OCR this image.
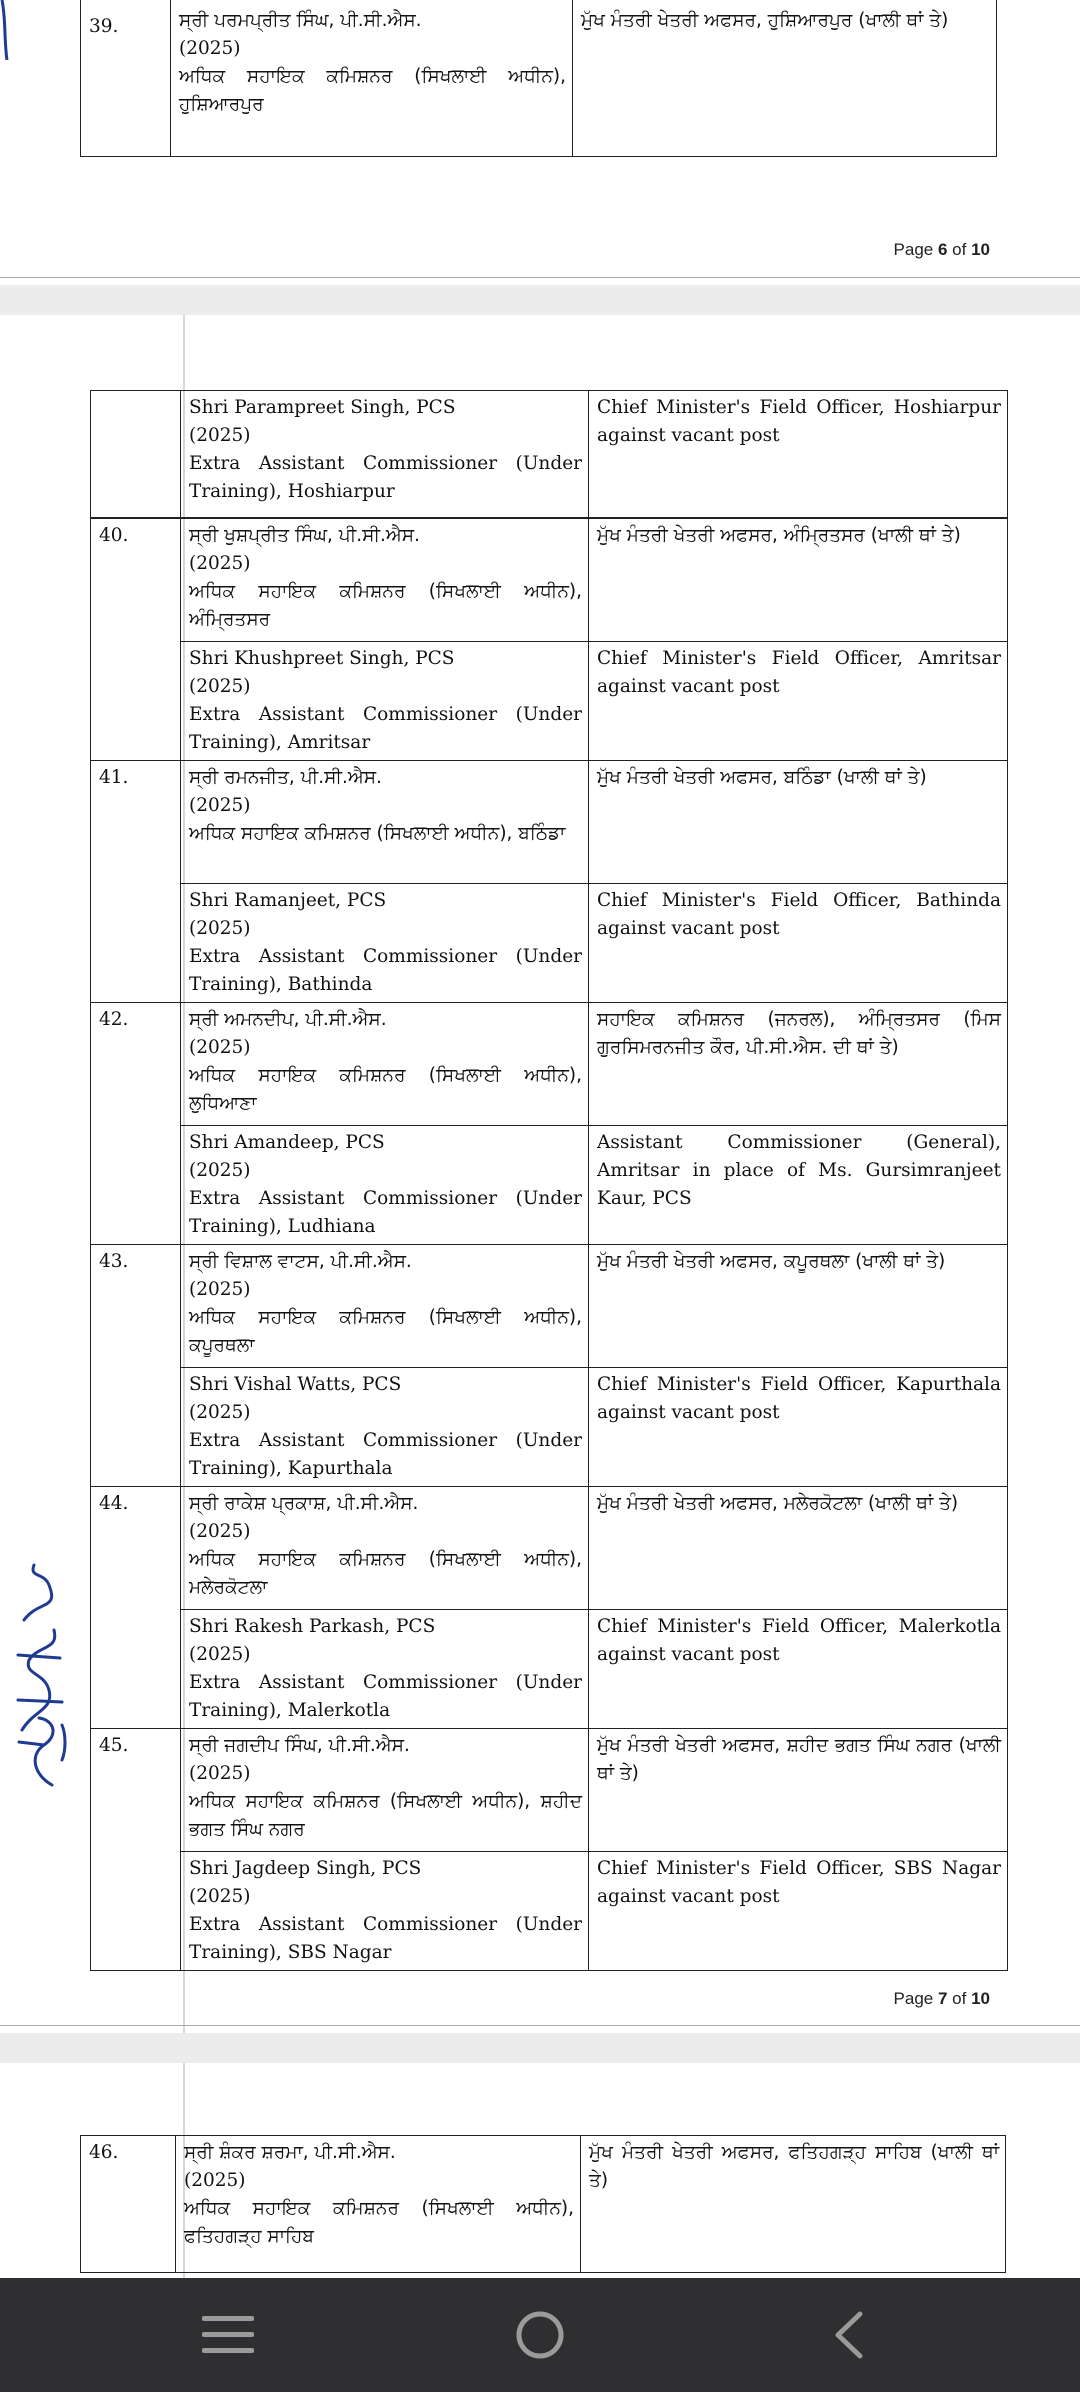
39.	ਸ੍ਰੀ ਪਰਮਪ੍ਰੀਤ ਸਿੰਘ, ਪੀ.ਸੀ.ਐਸ.
(2025)
ਅਧਿਕ ਸਹਾਇਕ ਕਮਿਸ਼ਨਰ (ਸਿਖਲਾਈ ਅਧੀਨ), ਹੁਸ਼ਿਆਰਪੁਰ
	ਮੁੱਖ ਮੰਤਰੀ ਖੇਤਰੀ ਅਫਸਰ, ਹੁਸ਼ਿਆਰਪੁਰ (ਖਾਲੀ ਥਾਂ ਤੇ)
Page 6 of 10

Shri Parampreet Singh, PCS
(2025)
Extra Assistant Commissioner (Under Training), Hoshiarpur
	Chief Minister's Field Officer, Hoshiarpur against vacant post
40.	ਸ੍ਰੀ ਖੁਸ਼ਪ੍ਰੀਤ ਸਿੰਘ, ਪੀ.ਸੀ.ਐਸ.
(2025)
ਅਧਿਕ ਸਹਾਇਕ ਕਮਿਸ਼ਨਰ (ਸਿਖਲਾਈ ਅਧੀਨ), ਅੰਮ੍ਰਿਤਸਰ	ਮੁੱਖ ਮੰਤਰੀ ਖੇਤਰੀ ਅਫਸਰ, ਅੰਮ੍ਰਿਤਸਰ (ਖਾਲੀ ਥਾਂ ਤੇ)

	Shri Khushpreet Singh, PCS
(2025)
Extra Assistant Commissioner (Under Training), Amritsar	Chief Minister's Field Officer, Amritsar against vacant post
41.	ਸ੍ਰੀ ਰਮਨਜੀਤ, ਪੀ.ਸੀ.ਐਸ.
(2025)
ਅਧਿਕ ਸਹਾਇਕ ਕਮਿਸ਼ਨਰ (ਸਿਖਲਾਈ ਅਧੀਨ), ਬਠਿੰਡਾ	ਮੁੱਖ ਮੰਤਰੀ ਖੇਤਰੀ ਅਫਸਰ, ਬਠਿੰਡਾ (ਖਾਲੀ ਥਾਂ ਤੇ)

	Shri Ramanjeet, PCS
(2025)
Extra Assistant Commissioner (Under Training), Bathinda	Chief Minister's Field Officer, Bathinda against vacant post
42.	ਸ੍ਰੀ ਅਮਨਦੀਪ, ਪੀ.ਸੀ.ਐਸ.
(2025)
ਅਧਿਕ ਸਹਾਇਕ ਕਮਿਸ਼ਨਰ (ਸਿਖਲਾਈ ਅਧੀਨ), ਲੁਧਿਆਣਾ	ਸਹਾਇਕ ਕਮਿਸ਼ਨਰ (ਜਨਰਲ), ਅੰਮ੍ਰਿਤਸਰ (ਮਿਸ ਗੁਰਸਿਮਰਨਜੀਤ ਕੌਰ, ਪੀ.ਸੀ.ਐਸ. ਦੀ ਥਾਂ ਤੇ)

	Shri Amandeep, PCS
(2025)
Extra Assistant Commissioner (Under Training), Ludhiana	Assistant Commissioner (General), Amritsar in place of Ms. Gursimranjeet Kaur, PCS
43.	ਸ੍ਰੀ ਵਿਸ਼ਾਲ ਵਾਟਸ, ਪੀ.ਸੀ.ਐਸ.
(2025)
ਅਧਿਕ ਸਹਾਇਕ ਕਮਿਸ਼ਨਰ (ਸਿਖਲਾਈ ਅਧੀਨ), ਕਪੂਰਥਲਾ	ਮੁੱਖ ਮੰਤਰੀ ਖੇਤਰੀ ਅਫਸਰ, ਕਪੂਰਥਲਾ (ਖਾਲੀ ਥਾਂ ਤੇ)

	Shri Vishal Watts, PCS
(2025)
Extra Assistant Commissioner (Under Training), Kapurthala	Chief Minister's Field Officer, Kapurthala against vacant post
44.	ਸ੍ਰੀ ਰਾਕੇਸ਼ ਪ੍ਰਕਾਸ਼, ਪੀ.ਸੀ.ਐਸ.
(2025)
ਅਧਿਕ ਸਹਾਇਕ ਕਮਿਸ਼ਨਰ (ਸਿਖਲਾਈ ਅਧੀਨ), ਮਲੇਰਕੋਟਲਾ	ਮੁੱਖ ਮੰਤਰੀ ਖੇਤਰੀ ਅਫਸਰ, ਮਲੇਰਕੋਟਲਾ (ਖਾਲੀ ਥਾਂ ਤੇ)

	Shri Rakesh Parkash, PCS
(2025)
Extra Assistant Commissioner (Under Training), Malerkotla	Chief Minister's Field Officer, Malerkotla against vacant post
45.	ਸ੍ਰੀ ਜਗਦੀਪ ਸਿੰਘ, ਪੀ.ਸੀ.ਐਸ.
(2025)
ਅਧਿਕ ਸਹਾਇਕ ਕਮਿਸ਼ਨਰ (ਸਿਖਲਾਈ ਅਧੀਨ), ਸ਼ਹੀਦ ਭਗਤ ਸਿੰਘ ਨਗਰ	ਮੁੱਖ ਮੰਤਰੀ ਖੇਤਰੀ ਅਫਸਰ, ਸ਼ਹੀਦ ਭਗਤ ਸਿੰਘ ਨਗਰ (ਖਾਲੀ ਥਾਂ ਤੇ)

	Shri Jagdeep Singh, PCS
(2025)
Extra Assistant Commissioner (Under Training), SBS Nagar	Chief Minister's Field Officer, SBS Nagar against vacant post
Page 7 of 10
46.	ਸ੍ਰੀ ਸ਼ੰਕਰ ਸ਼ਰਮਾ, ਪੀ.ਸੀ.ਐਸ.
(2025)
ਅਧਿਕ ਸਹਾਇਕ ਕਮਿਸ਼ਨਰ (ਸਿਖਲਾਈ ਅਧੀਨ), ਫਤਿਹਗੜ੍ਹ ਸਾਹਿਬ
	ਮੁੱਖ ਮੰਤਰੀ ਖੇਤਰੀ ਅਫਸਰ, ਫਤਿਹਗੜ੍ਹ ਸਾਹਿਬ (ਖਾਲੀ ਥਾਂ ਤੇ)
